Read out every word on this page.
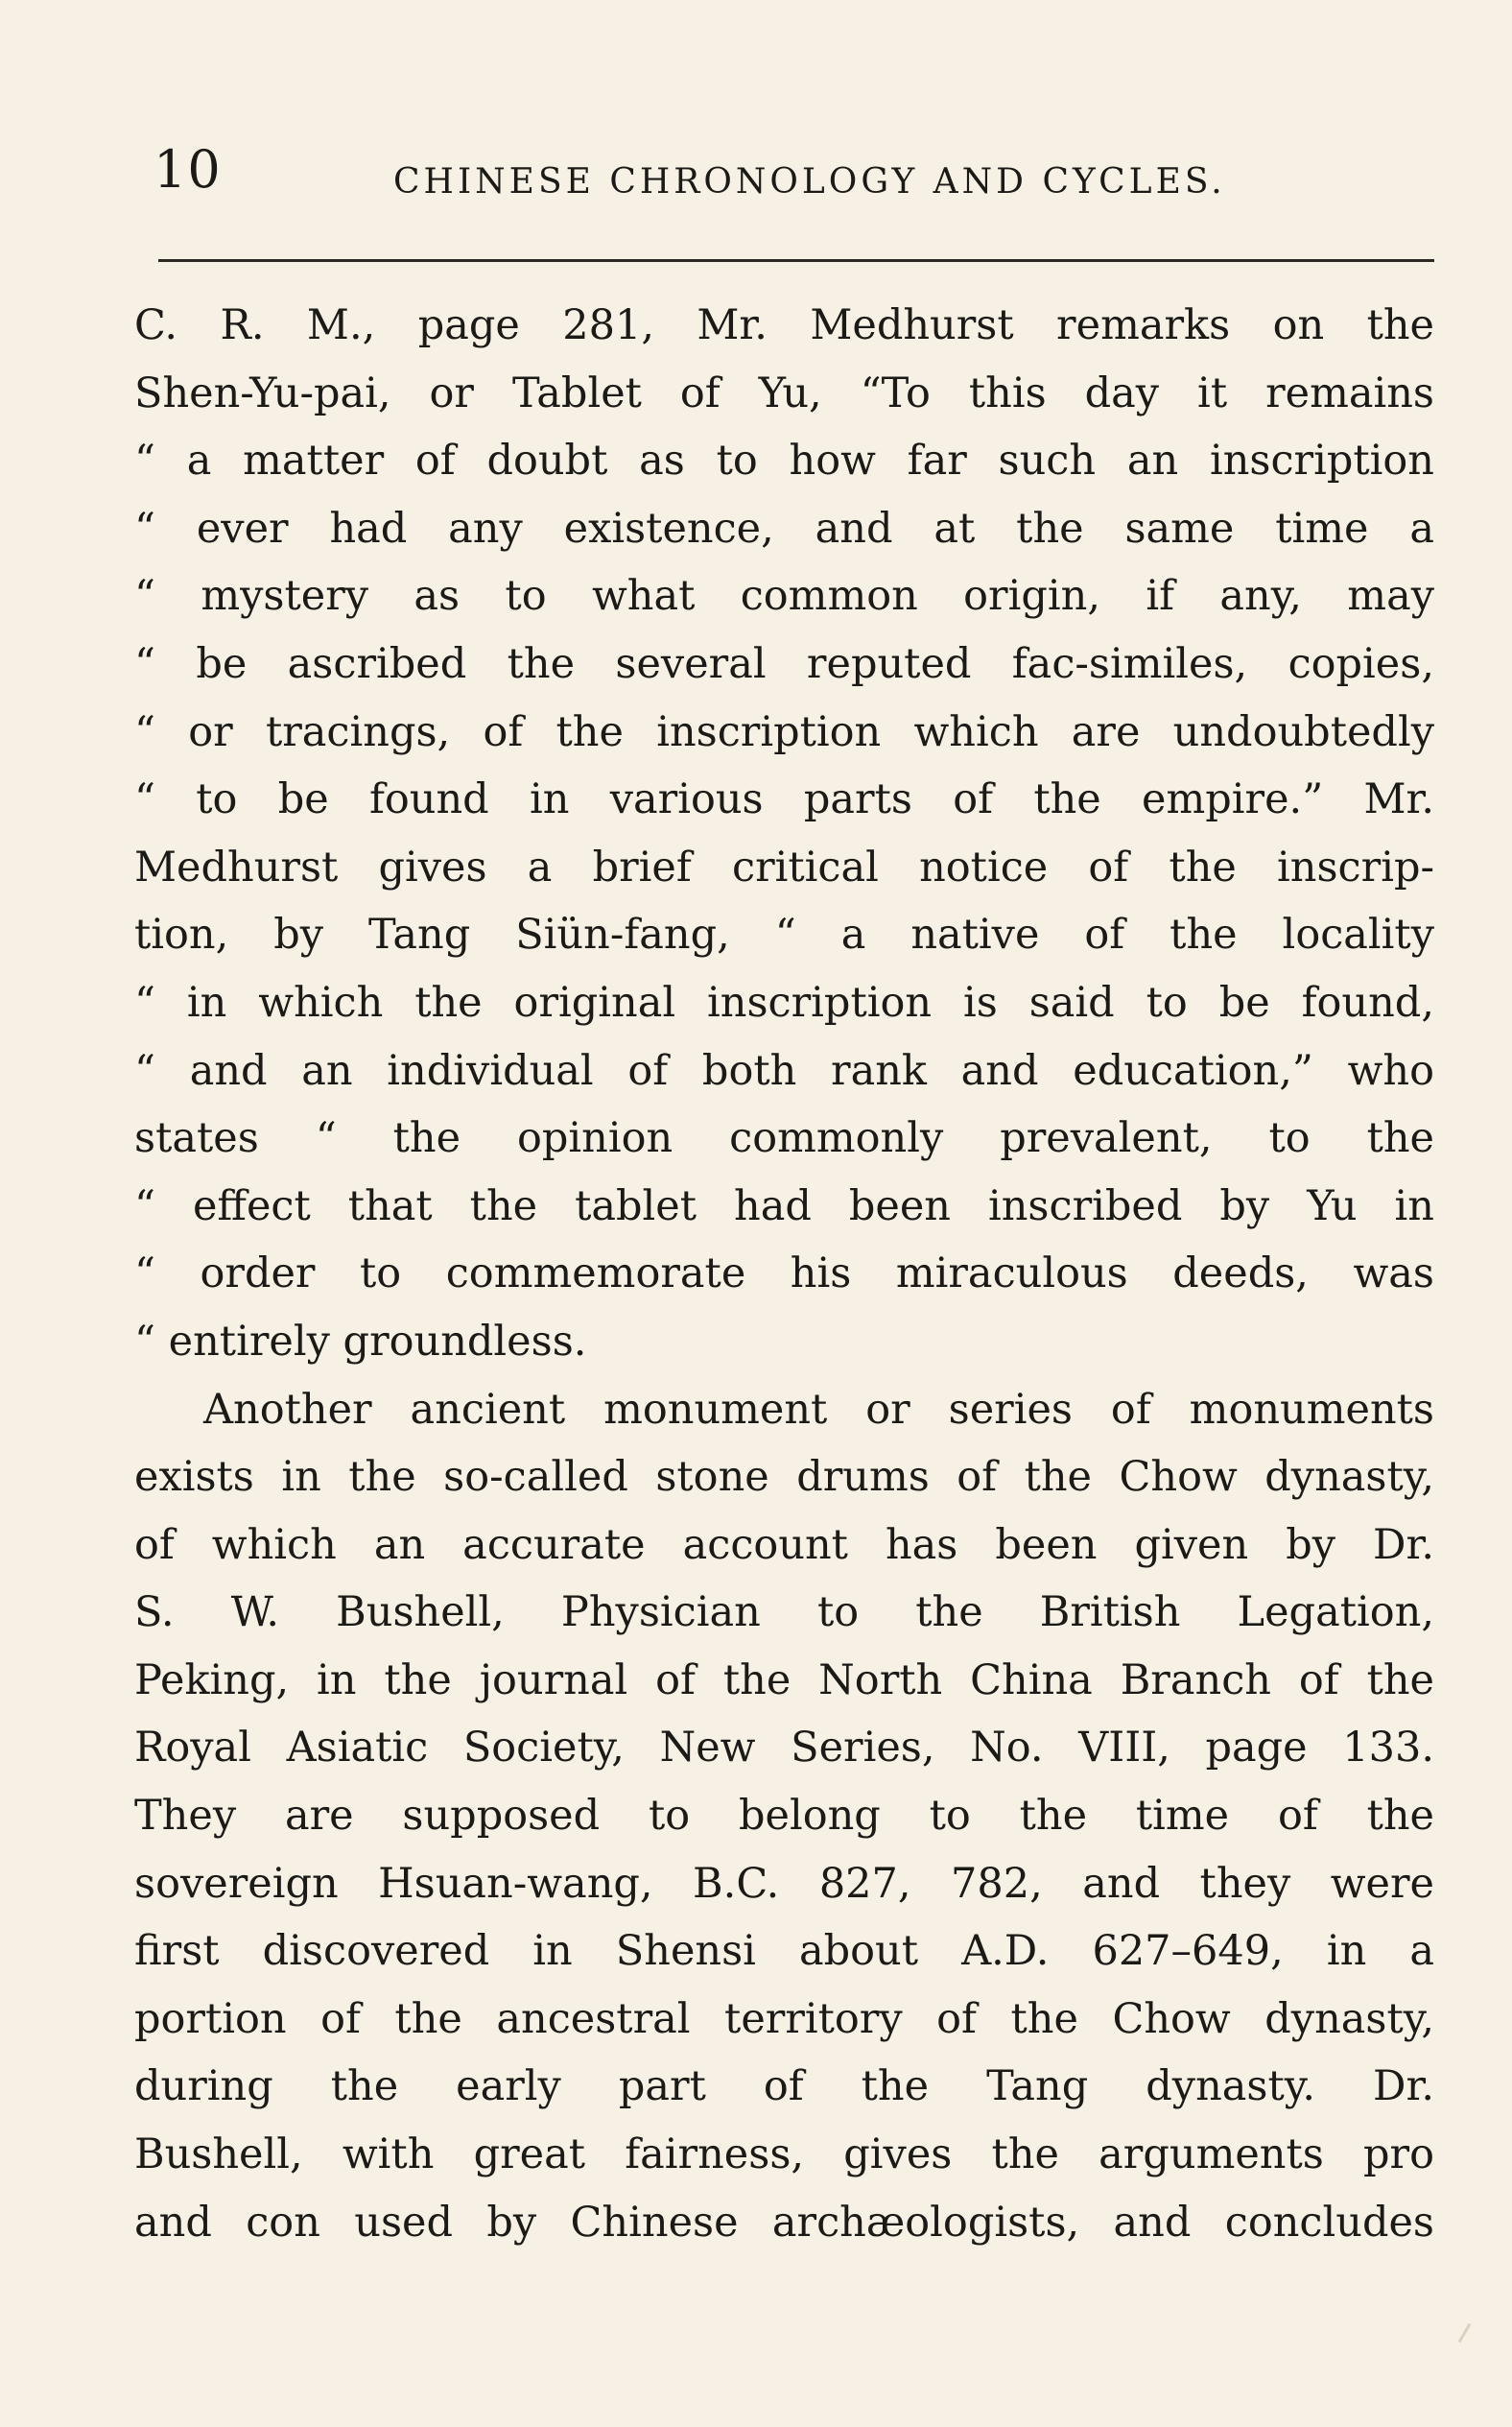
10	CHINESE CHRONOLOGY AND CYCLES.
C. R. M., page 281, Mr. Medhurst remarks on the
Shen-Yu-pai, or Tablet of Yu, “To this day it remains
“ a matter of doubt as to how far such an inscription
“ ever had any existence, and at the same time a
“ mystery as to what common origin, if any, may
“ be ascribed the several reputed fac-similes, copies,
“ or tracings, of the inscription which are undoubtedly
“ to be found in various parts of the empire.” Mr.
Medhurst gives a brief critical notice of the inscrip-
tion, by Tang Siün-fang, “ a native of the locality
“ in which the original inscription is said to be found,
“ and an individual of both rank and education,” who
states “ the opinion commonly prevalent, to the
“ effect that the tablet had been inscribed by Yu in
“ order to commemorate his miraculous deeds, was
“ entirely groundless.
Another ancient monument or series of monuments
exists in the so-called stone drums of the Chow dynasty,
of which an accurate account has been given by Dr.
S. W. Bushell, Physician to the British Legation,
Peking, in the journal of the North China Branch of the
Royal Asiatic Society, New Series, No. VIII, page 133.
They are supposed to belong to the time of the
sovereign Hsuan-wang, B.C. 827, 782, and they were
first discovered in Shensi about A.D. 627–649, in a
portion of the ancestral territory of the Chow dynasty,
during the early part of the Tang dynasty. Dr.
Bushell, with great fairness, gives the arguments pro
and con used by Chinese archæologists, and concludes
